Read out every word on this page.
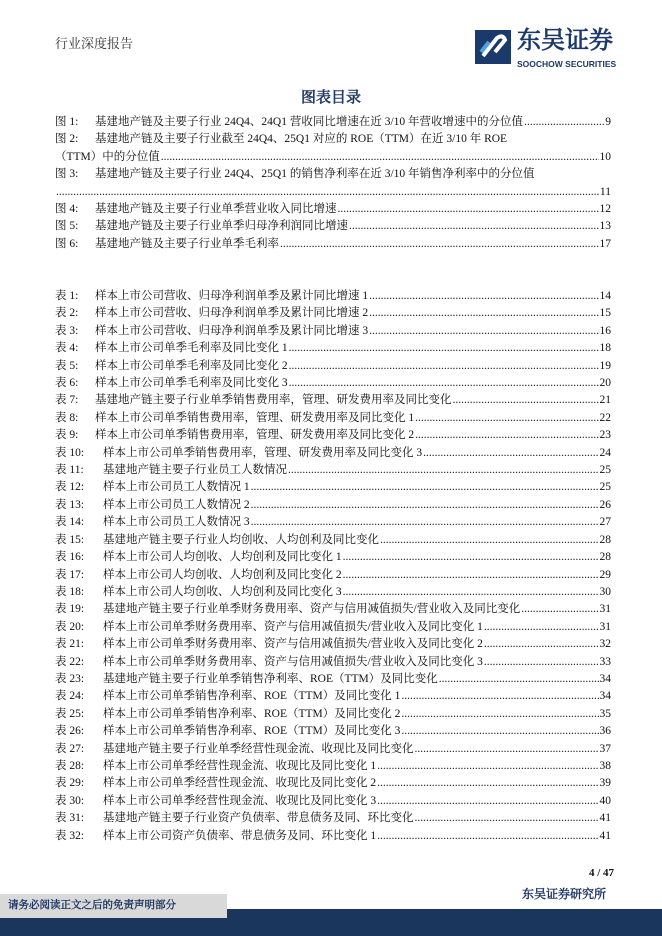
行业深度报告	东吴证券
SOOCHOW SECURITIES
图表目录
图 1:	基建地产链及主要子行业 24Q4、24Q1 营收同比增速在近 3/10 年营收增速中的分位值 .....	9
图 2:	基建地产链及主要子行业截至 24Q4、25Q1 对应的 ROE（TTM）在近 3/10 年 ROE
（TTM）中的分位值 .....	10
图 3:	基建地产链及主要子行业 24Q4、25Q1 的销售净利率在近 3/10 年销售净利率中的分位值
.....
11
图 4:	基建地产链及主要子行业单季营业收入同比增速 .....	12
图 5:	基建地产链及主要子行业单季归母净利润同比增速 .....	13
图 6:	基建地产链及主要子行业单季毛利率 .....	17
表 1:	样本上市公司营收、归母净利润单季及累计同比增速 1 .....	14
表 2:	样本上市公司营收、归母净利润单季及累计同比增速 2 .....	15
表 3:	样本上市公司营收、归母净利润单季及累计同比增速 3 .....	16
表 4:	样本上市公司单季毛利率及同比变化 1 .....	18
表 5:	样本上市公司单季毛利率及同比变化 2 .....	19
表 6:	样本上市公司单季毛利率及同比变化 3 .....	20
表 7:	基建地产链主要子行业单季销售费用率，管理、研发费用率及同比变化 .....	21
表 8:	样本上市公司单季销售费用率，管理、研发费用率及同比变化 1 .....	22
表 9:	样本上市公司单季销售费用率，管理、研发费用率及同比变化 2 .....	23
表 10:	样本上市公司单季销售费用率，管理、研发费用率及同比变化 3 .....	24
表 11:	基建地产链主要子行业员工人数情况 .....	25
表 12:	样本上市公司员工人数情况 1 .....	25
表 13:	样本上市公司员工人数情况 2 .....	26
表 14:	样本上市公司员工人数情况 3 .....	27
表 15:	基建地产链主要子行业人均创收、人均创利及同比变化 .....	28
表 16:	样本上市公司人均创收、人均创利及同比变化 1 .....	28
表 17:	样本上市公司人均创收、人均创利及同比变化 2 .....	29
表 18:	样本上市公司人均创收、人均创利及同比变化 3 .....	30
表 19:	基建地产链主要子行业单季财务费用率、资产与信用减值损失/营业收入及同比变化 .....	31
表 20:	样本上市公司单季财务费用率、资产与信用减值损失/营业收入及同比变化 1 .....	31
表 21:	样本上市公司单季财务费用率、资产与信用减值损失/营业收入及同比变化 2 .....	32
表 22:	样本上市公司单季财务费用率、资产与信用减值损失/营业收入及同比变化 3 .....	33
表 23:	基建地产链主要子行业单季销售净利率、ROE（TTM）及同比变化 .....	34
表 24:	样本上市公司单季销售净利率、ROE（TTM）及同比变化 1 .....	34
表 25:	样本上市公司单季销售净利率、ROE（TTM）及同比变化 2 .....	35
表 26:	样本上市公司单季销售净利率、ROE（TTM）及同比变化 3 .....	36
表 27:	基建地产链主要子行业单季经营性现金流、收现比及同比变化 .....	37
表 28:	样本上市公司单季经营性现金流、收现比及同比变化 1 .....	38
表 29:	样本上市公司单季经营性现金流、收现比及同比变化 2 .....	39
表 30:	样本上市公司单季经营性现金流、收现比及同比变化 3 .....	40
表 31:	基建地产链主要子行业资产负债率、带息债务及同、环比变化 .....	41
表 32:	样本上市公司资产负债率、带息债务及同、环比变化 1 .....	41
4 / 47
东吴证券研究所
请务必阅读正文之后的免责声明部分
